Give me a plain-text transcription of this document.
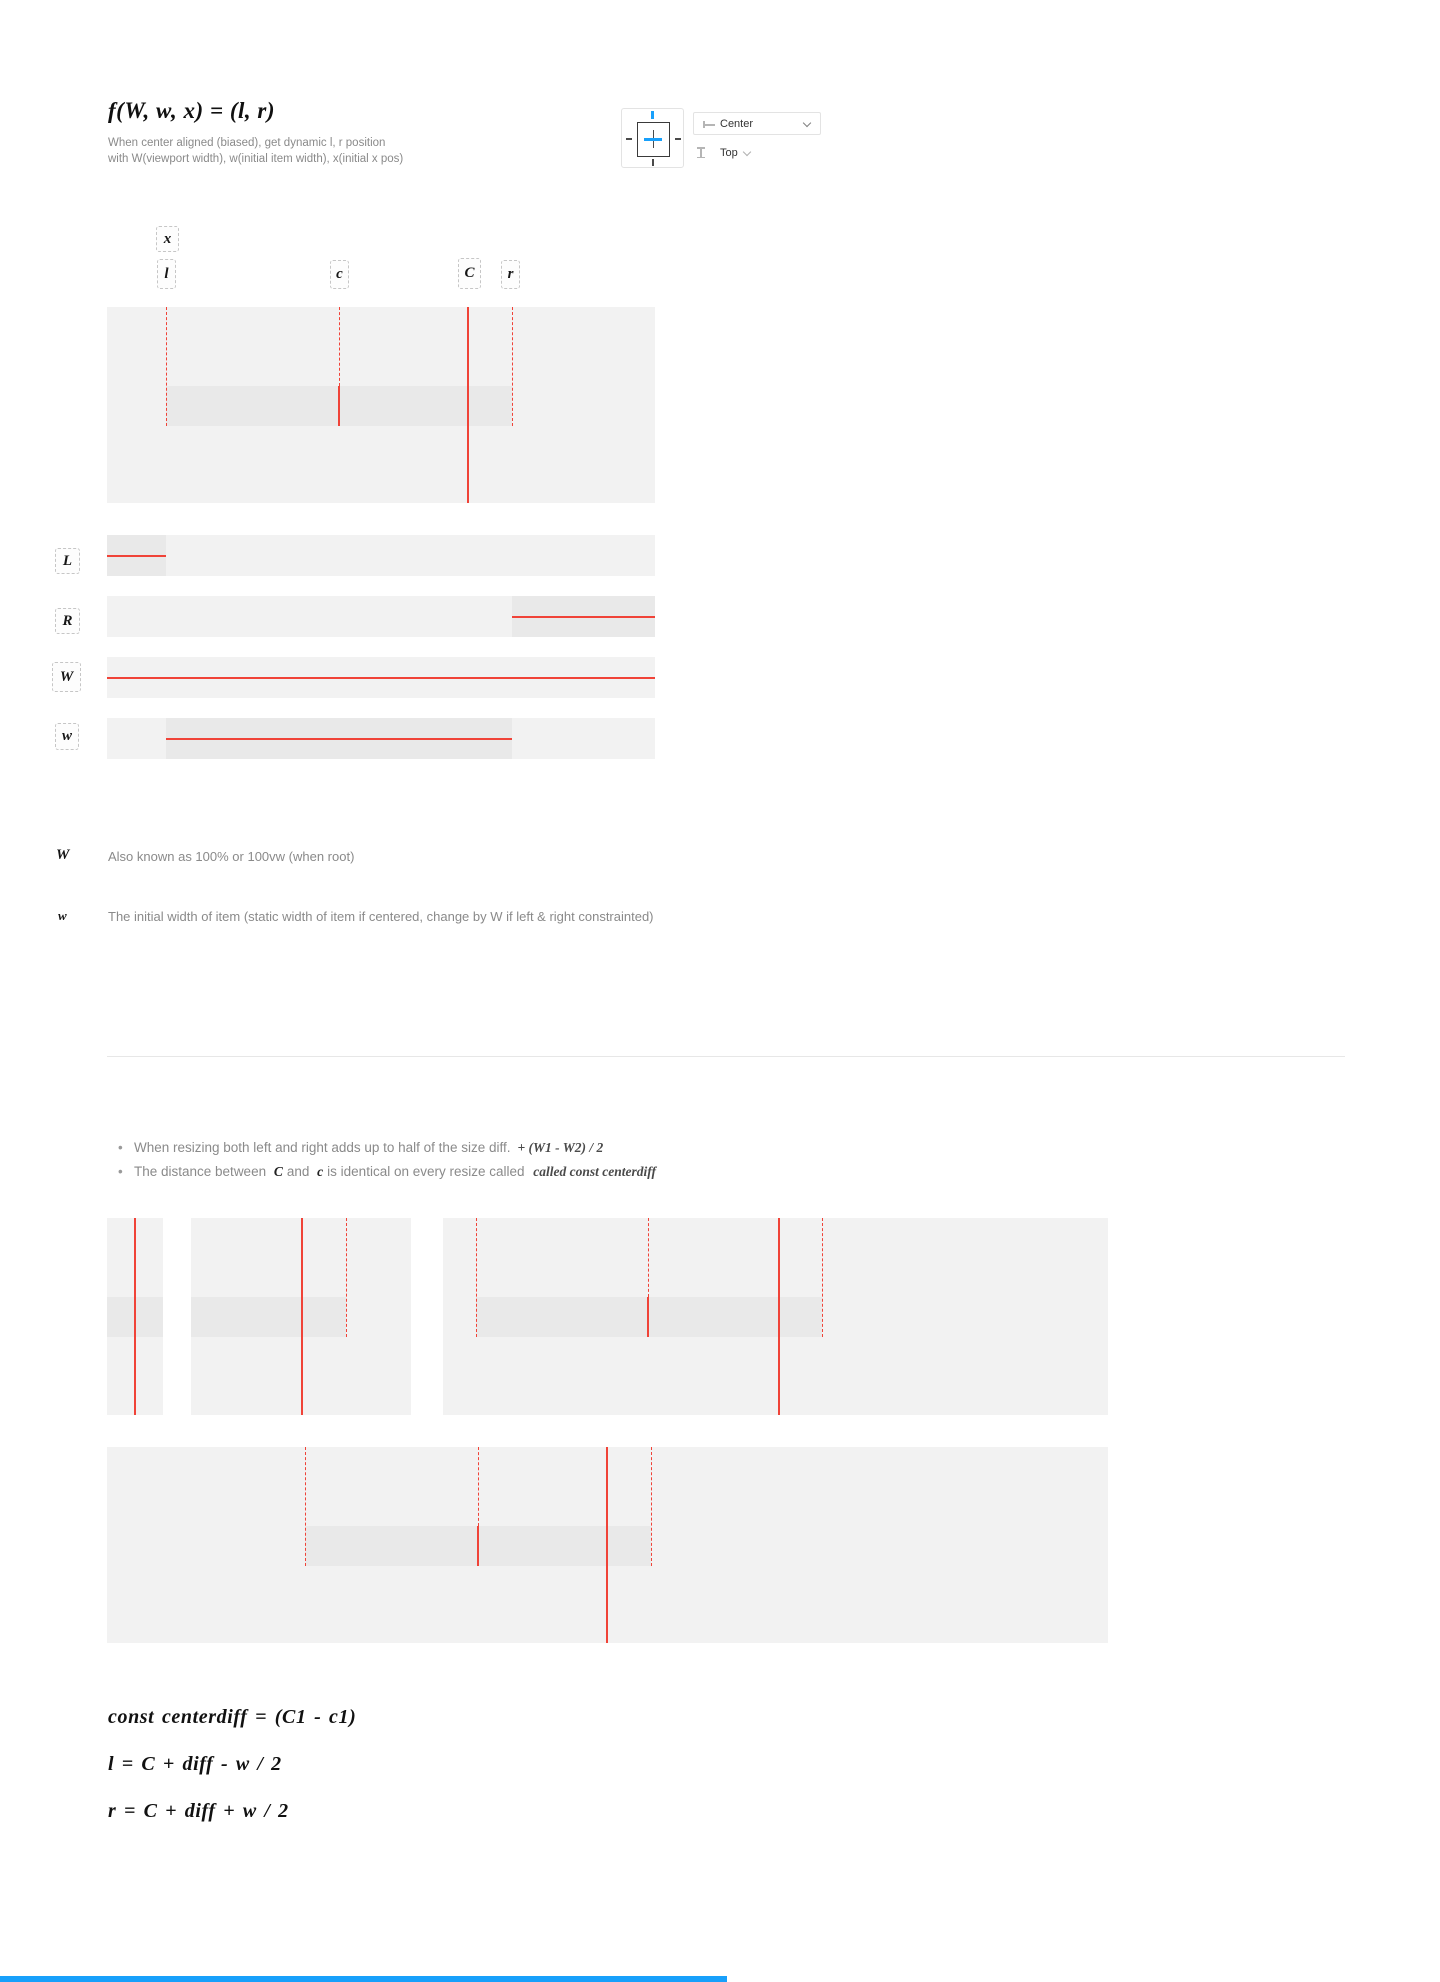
f(W, w, x) = (l, r)
When center aligned (biased), get dynamic l, r position
with W(viewport width), w(initial item width), x(initial x pos)
Center
Top
x
l	c	C	r
L
R
W
w
W	Also known as 100% or 100vw (when root)
w	The initial width of item (static width of item if centered, change by W if left & right constrainted)
• When resizing both left and right adds up to half of the size diff. + (W1 - W2) / 2
• The distance between C and c is identical on every resize called called const centerdiff
const centerdiff = (C1 - c1)
l = C + diff - w / 2
r = C + diff + w / 2
